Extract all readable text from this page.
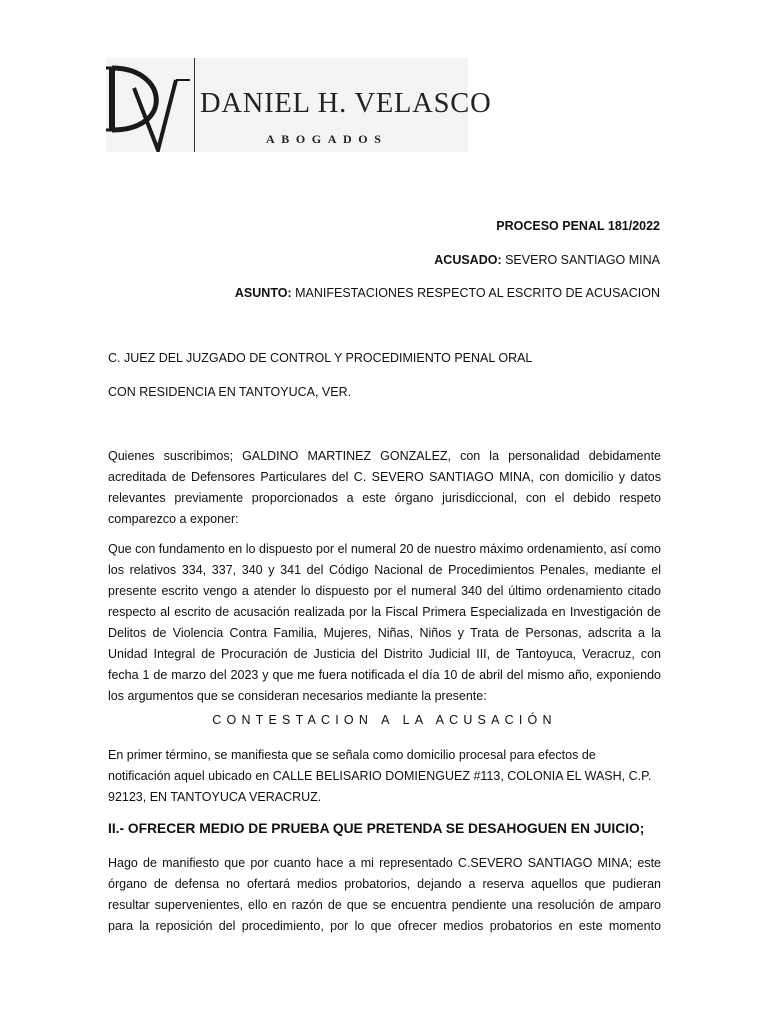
DANIEL H. VELASCO
ABOGADOS
PROCESO PENAL 181/2022
ACUSADO: SEVERO SANTIAGO MINA
ASUNTO: MANIFESTACIONES RESPECTO AL ESCRITO DE ACUSACION
C. JUEZ DEL JUZGADO DE CONTROL Y PROCEDIMIENTO PENAL ORAL
CON RESIDENCIA EN TANTOYUCA, VER.

Quienes suscribimos; GALDINO MARTINEZ GONZALEZ, con la personalidad debidamente acreditada de Defensores Particulares del C. SEVERO SANTIAGO MINA, con domicilio y datos relevantes previamente proporcionados a este órgano jurisdiccional, con el debido respeto comparezco a exponer:

Que con fundamento en lo dispuesto por el numeral 20 de nuestro máximo ordenamiento, así como los relativos 334, 337, 340 y 341 del Código Nacional de Procedimientos Penales, mediante el presente escrito vengo a atender lo dispuesto por el numeral 340 del último ordenamiento citado respecto al escrito de acusación realizada por la Fiscal Primera Especializada en Investigación de Delitos de Violencia Contra Familia, Mujeres, Niñas, Niños y Trata de Personas, adscrita a la Unidad Integral de Procuración de Justicia del Distrito Judicial III, de Tantoyuca, Veracruz, con fecha 1 de marzo del 2023 y que me fuera notificada el día 10 de abril del mismo año, exponiendo los argumentos que se consideran necesarios mediante la presente:

CONTESTACION A LA ACUSACIÓN

En primer término, se manifiesta que se señala como domicilio procesal para efectos de notificación aquel ubicado en CALLE BELISARIO DOMIENGUEZ #113, COLONIA EL WASH, C.P. 92123, EN TANTOYUCA VERACRUZ.

II.- OFRECER MEDIO DE PRUEBA QUE PRETENDA SE DESAHOGUEN EN JUICIO;

Hago de manifiesto que por cuanto hace a mi representado C.SEVERO SANTIAGO MINA; este órgano de defensa no ofertará medios probatorios, dejando a reserva aquellos que pudieran resultar supervenientes, ello en razón de que se encuentra pendiente una resolución de amparo para la reposición del procedimiento, por lo que ofrecer medios probatorios en este momento
